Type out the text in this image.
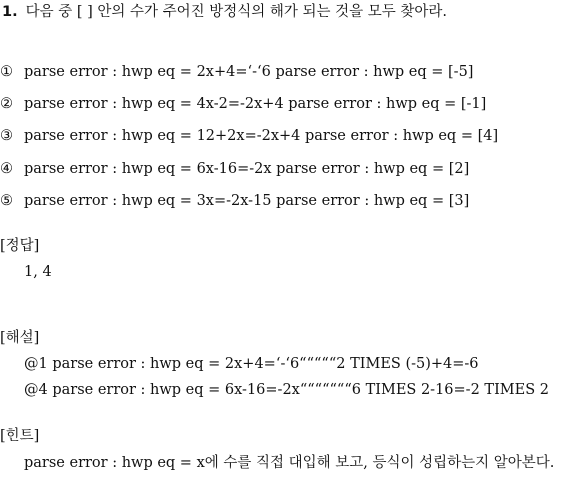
1. 다음 중 [ ] 안의 수가 주어진 방정식의 해가 되는 것을 모두 찾아라.
① parse error : hwp eq = 2x+4=‘-‘6 parse error : hwp eq = [-5]
② parse error : hwp eq = 4x-2=-2x+4 parse error : hwp eq = [-1]
③ parse error : hwp eq = 12+2x=-2x+4 parse error : hwp eq = [4]
④ parse error : hwp eq = 6x-16=-2x parse error : hwp eq = [2]
⑤ parse error : hwp eq = 3x=-2x-15 parse error : hwp eq = [3]
[정답]
1, 4
[해설]
@1 parse error : hwp eq = 2x+4=‘-‘6“““““2 TIMES (-5)+4=-6
@4 parse error : hwp eq = 6x-16=-2x“““““““6 TIMES 2-16=-2 TIMES 2
[힌트]
parse error : hwp eq = x에 수를 직접 대입해 보고, 등식이 성립하는지 알아본다.
